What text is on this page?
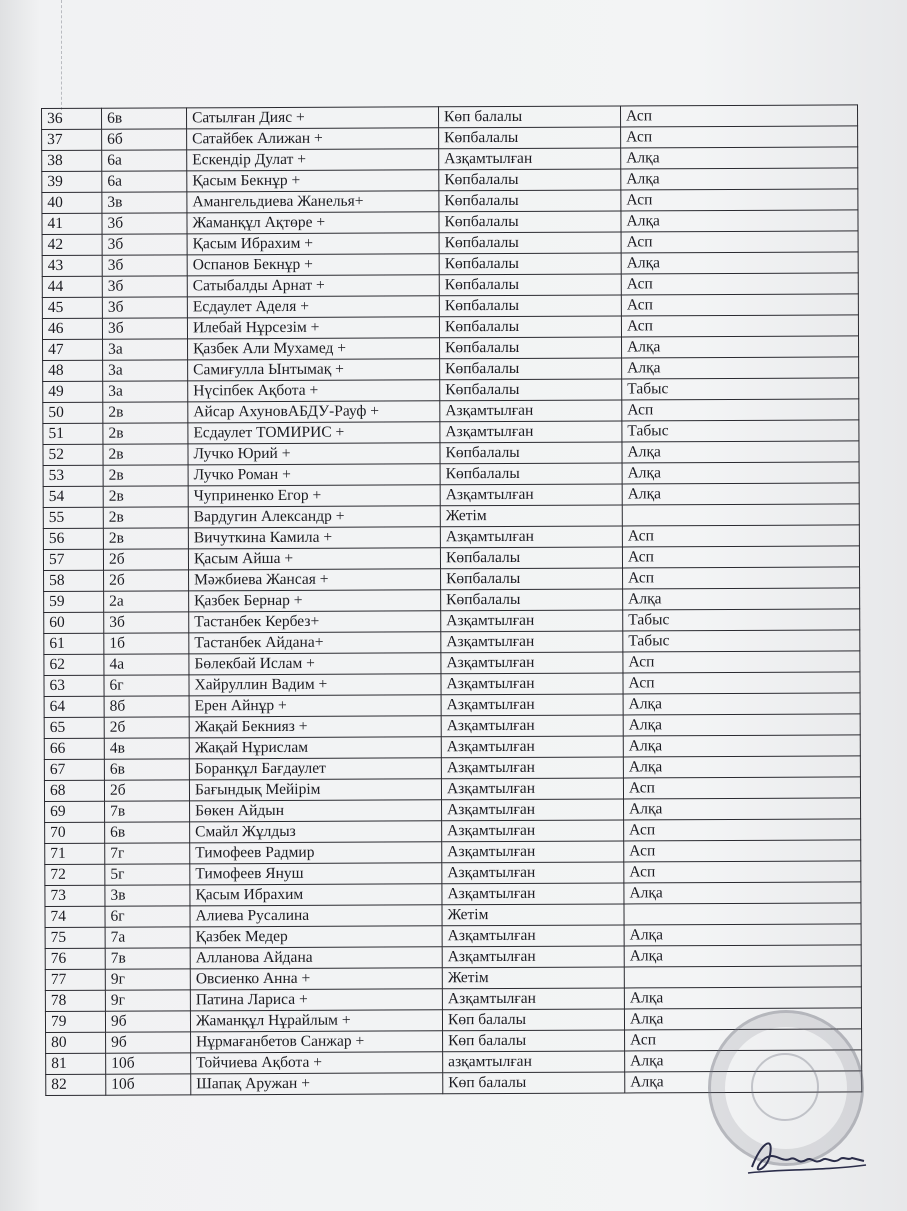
36	6в	Сатылған Дияс +	Көп балалы	Асп
37	6б	Сатайбек Алижан +	Көпбалалы	Асп
38	6а	Ескендір Дулат +	Азқамтылған	Алқа
39	6а	Қасым Бекнұр +	Көпбалалы	Алқа
40	3в	Амангельдиева Жанелья+	Көпбалалы	Асп
41	3б	Жаманқұл Ақтөре +	Көпбалалы	Алқа
42	3б	Қасым Ибрахим +	Көпбалалы	Асп
43	3б	Оспанов Бекнұр +	Көпбалалы	Алқа
44	3б	Сатыбалды Арнат +	Көпбалалы	Асп
45	3б	Есдаулет Аделя +	Көпбалалы	Асп
46	3б	Илебай Нұрсезім +	Көпбалалы	Асп
47	3а	Қазбек Али Мухамед +	Көпбалалы	Алқа
48	3а	Самиғулла Ынтымақ +	Көпбалалы	Алқа
49	3а	Нүсіпбек Ақбота +	Көпбалалы	Табыс
50	2в	Айсар АхуновАБДУ-Рауф +	Азқамтылған	Асп
51	2в	Есдаулет ТОМИРИС +	Азқамтылған	Табыс
52	2в	Лучко Юрий +	Көпбалалы	Алқа
53	2в	Лучко Роман +	Көпбалалы	Алқа
54	2в	Чуприненко Егор +	Азқамтылған	Алқа
55	2в	Вардугин Александр +	Жетім	
56	2в	Вичуткина Камила +	Азқамтылған	Асп
57	2б	Қасым Айша +	Көпбалалы	Асп
58	2б	Мәжбиева Жансая +	Көпбалалы	Асп
59	2а	Қазбек Бернар +	Көпбалалы	Алқа
60	3б	Тастанбек Кербез+	Азқамтылған	Табыс
61	1б	Тастанбек Айдана+	Азқамтылған	Табыс
62	4а	Бөлекбай Ислам +	Азқамтылған	Асп
63	6г	Хайруллин Вадим +	Азқамтылған	Асп
64	8б	Ерен Айнұр +	Азқамтылған	Алқа
65	2б	Жақай Бекнияз +	Азқамтылған	Алқа
66	4в	Жақай Нұрислам	Азқамтылған	Алқа
67	6в	Боранқұл Бағдаулет	Азқамтылған	Алқа
68	2б	Бағындық Мейірім	Азқамтылған	Асп
69	7в	Бөкен Айдын	Азқамтылған	Алқа
70	6в	Смайл Жұлдыз	Азқамтылған	Асп
71	7г	Тимофеев Радмир	Азқамтылған	Асп
72	5г	Тимофеев Януш	Азқамтылған	Асп
73	3в	Қасым Ибрахим	Азқамтылған	Алқа
74	6г	Алиева Русалина	Жетім	
75	7а	Қазбек Медер	Азқамтылған	Алқа
76	7в	Алланова Айдана	Азқамтылған	Алқа
77	9г	Овсиенко Анна +	Жетім	
78	9г	Патина Лариса +	Азқамтылған	Алқа
79	9б	Жаманқұл Нұрайлым +	Көп балалы	Алқа
80	9б	Нұрмағанбетов Санжар +	Көп балалы	Асп
81	10б	Тойчиева Ақбота +	азқамтылған	Алқа
82	10б	Шапақ Аружан +	Көп балалы	Алқа
